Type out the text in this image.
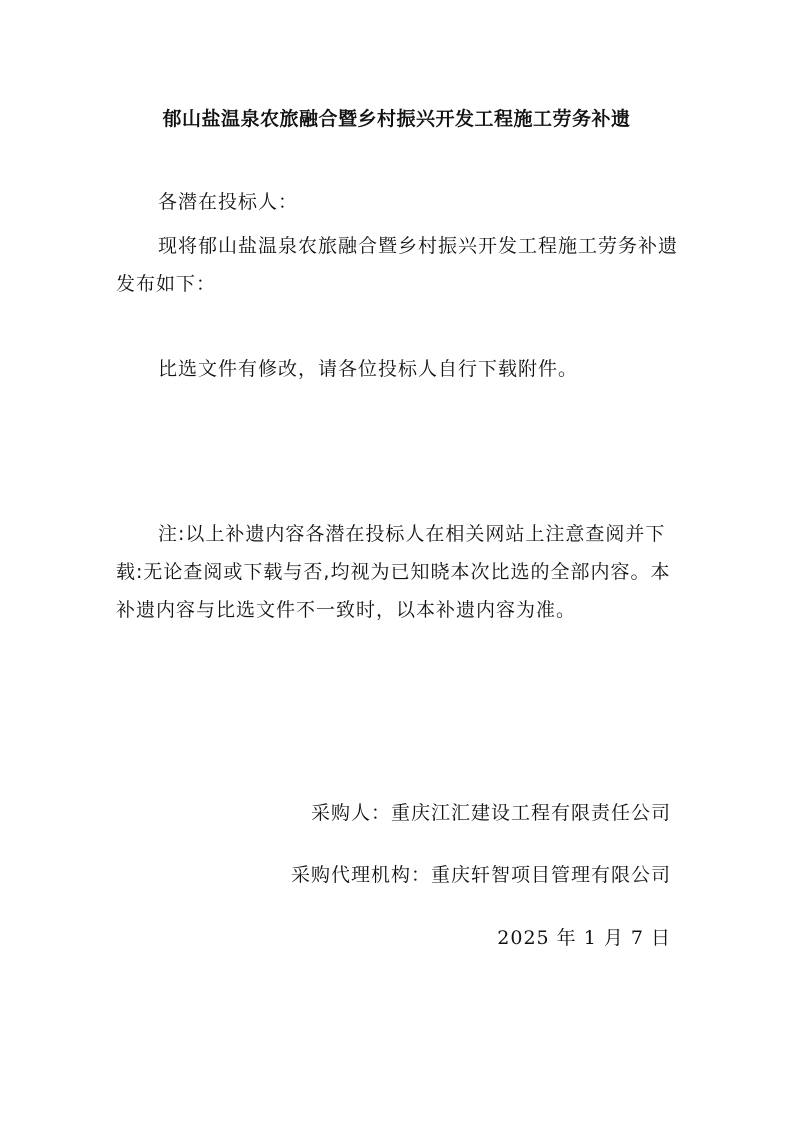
郁山盐温泉农旅融合暨乡村振兴开发工程施工劳务补遗
各潜在投标人：
现将郁山盐温泉农旅融合暨乡村振兴开发工程施工劳务补遗发布如下：
比选文件有修改，请各位投标人自行下载附件。
注:以上补遗内容各潜在投标人在相关网站上注意查阅并下载:无论查阅或下载与否,均视为已知晓本次比选的全部内容。本补遗内容与比选文件不一致时，以本补遗内容为准。
采购人：重庆江汇建设工程有限责任公司
采购代理机构：重庆轩智项目管理有限公司
2025 年 1 月 7 日
